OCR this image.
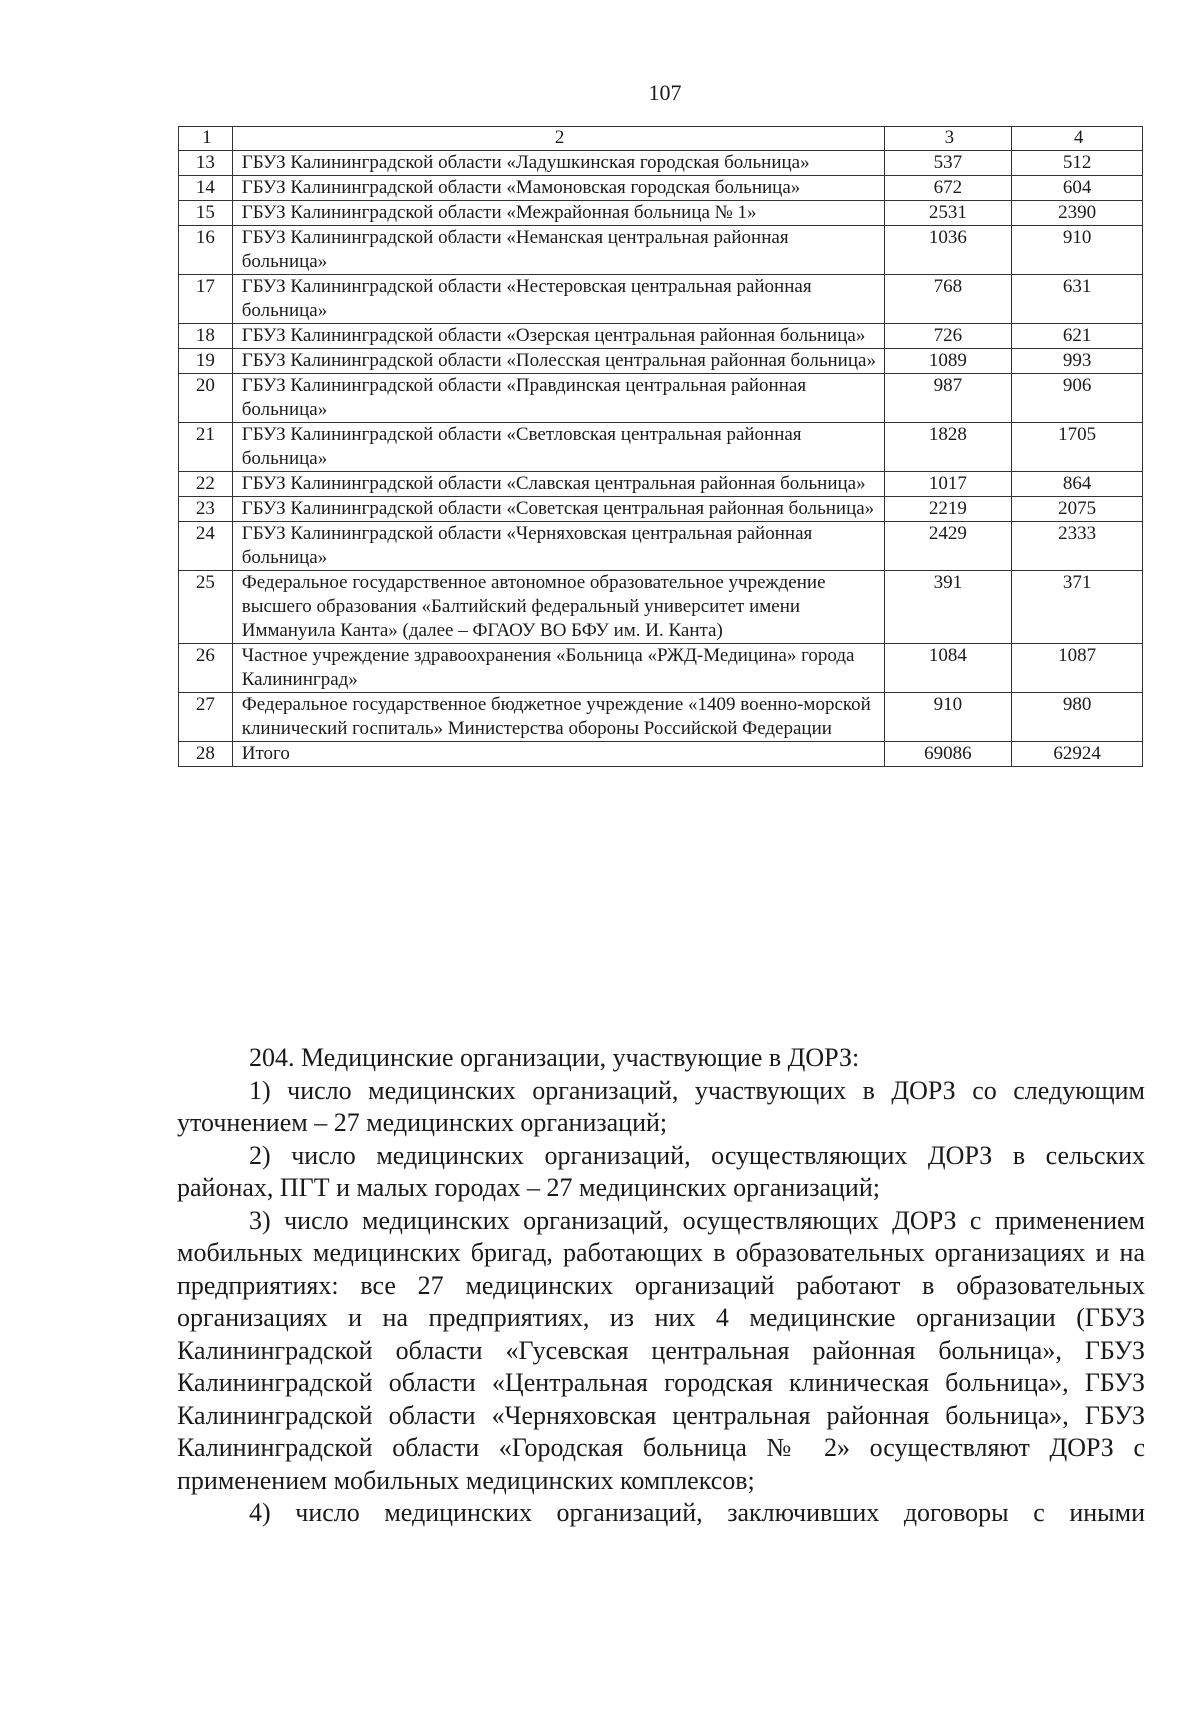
107
1	2	3	4
13	ГБУЗ Калининградской области «Ладушкинская городская больница»	537	512
14	ГБУЗ Калининградской области «Мамоновская городская больница»	672	604
15	ГБУЗ Калининградской области «Межрайонная больница № 1»	2531	2390
16	ГБУЗ Калининградской области «Неманская центральная районная больница»	1036	910
17	ГБУЗ Калининградской области «Нестеровская центральная районная больница»	768	631
18	ГБУЗ Калининградской области «Озерская центральная районная больница»	726	621
19	ГБУЗ Калининградской области «Полесская центральная районная больница»	1089	993
20	ГБУЗ Калининградской области «Правдинская центральная районная больница»	987	906
21	ГБУЗ Калининградской области «Светловская центральная районная больница»	1828	1705
22	ГБУЗ Калининградской области «Славская центральная районная больница»	1017	864
23	ГБУЗ Калининградской области «Советская центральная районная больница»	2219	2075
24	ГБУЗ Калининградской области «Черняховская центральная районная больница»	2429	2333
25	Федеральное государственное автономное образовательное учреждение высшего образования «Балтийский федеральный университет имени Иммануила Канта» (далее – ФГАОУ ВО БФУ им. И. Канта)	391	371
26	Частное учреждение здравоохранения «Больница «РЖД-Медицина» города Калининград»	1084	1087
27	Федеральное государственное бюджетное учреждение «1409 военно-морской клинический госпиталь» Министерства обороны Российской Федерации	910	980
28	Итого	69086	62924

204. Медицинские организации, участвующие в ДОРЗ:

1) число медицинских организаций, участвующих в ДОРЗ со следующим уточнением – 27 медицинских организаций;

2) число медицинских организаций, осуществляющих ДОРЗ в сельских районах, ПГТ и малых городах – 27 медицинских организаций;

3) число медицинских организаций, осуществляющих ДОРЗ с применением мобильных медицинских бригад, работающих в образовательных организациях и на предприятиях: все 27 медицинских организаций работают в образовательных организациях и на предприятиях, из них 4 медицинские организации (ГБУЗ Калининградской области «Гусевская центральная районная больница», ГБУЗ Калининградской области «Центральная городская клиническая больница», ГБУЗ Калининградской области «Черняховская центральная районная больница», ГБУЗ Калининградской области «Городская больница № 2» осуществляют ДОРЗ с применением мобильных медицинских комплексов;

4) число медицинских организаций, заключивших договоры с иными
